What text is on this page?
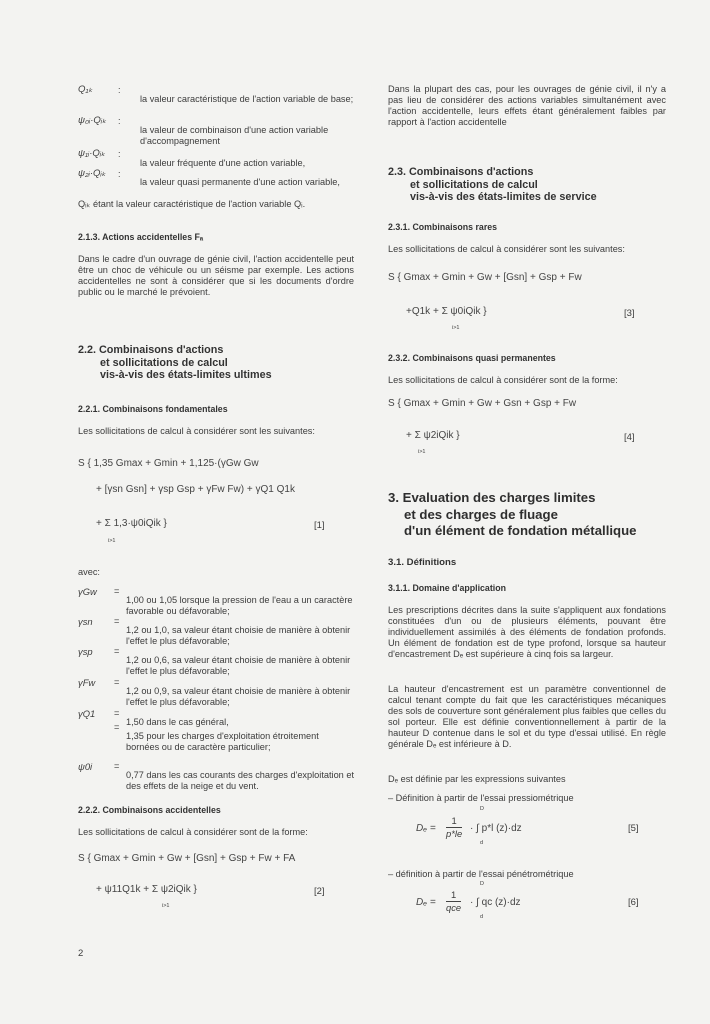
Q₁ₖ	:

la valeur caractéristique de l'action variable de base;

ψ₀ᵢ·Qᵢₖ :

la valeur de combinaison d'une action variable d'accompagnement

ψ₁ᵢ·Qᵢₖ :

la valeur fréquente d'une action variable,

ψ₂ᵢ·Qᵢₖ :

la valeur quasi permanente d'une action variable,

Qᵢₖ étant la valeur caractéristique de l'action variable Qᵢ.

2.1.3. Actions accidentelles Fₐ

Dans le cadre d'un ouvrage de génie civil, l'action accidentelle peut être un choc de véhicule ou un séisme par exemple. Les actions accidentelles ne sont à considérer que si les documents d'ordre public ou le marché le prévoient.

2.2. Combinaisons d'actions
et sollicitations de calcul
vis-à-vis des états-limites ultimes
2.2.1. Combinaisons fondamentales

Les sollicitations de calcul à considérer sont les suivantes:

S { 1,35 Gmax + Gmin + 1,125·(γGw Gw
+ [γsn Gsn] + γsp Gsp + γFw Fw) + γQ1 Q1k
+ Σ 1,3·ψ0iQik }
i>1
[1]

avec:

γGw =

1,00 ou 1,05 lorsque la pression de l'eau a un caractère favorable ou défavorable;

γsn =

1,2 ou 1,0, sa valeur étant choisie de manière à obtenir l'effet le plus défavorable;

γsp =

1,2 ou 0,6, sa valeur étant choisie de manière à obtenir l'effet le plus défavorable;

γFw =

1,2 ou 0,9, sa valeur étant choisie de manière à obtenir l'effet le plus défavorable;

γQ1 =

1,50 dans le cas général,

=

1,35 pour les charges d'exploitation étroitement bornées ou de caractère particulier;

ψ0i =

0,77 dans les cas courants des charges d'exploitation et des effets de la neige et du vent.

2.2.2. Combinaisons accidentelles

Les sollicitations de calcul à considérer sont de la forme:

S { Gmax + Gmin + Gw + [Gsn] + Gsp + Fw + FA
+ ψ11Q1k + Σ ψ2iQik }
i>1
[2]
2

Dans la plupart des cas, pour les ouvrages de génie civil, il n'y a pas lieu de considérer des actions variables simultanément avec l'action accidentelle, leurs effets étant généralement faibles par rapport à l'action accidentelle

2.3. Combinaisons d'actions
et sollicitations de calcul
vis-à-vis des états-limites de service
2.3.1. Combinaisons rares

Les sollicitations de calcul à considérer sont les suivantes:

S { Gmax + Gmin + Gw + [Gsn] + Gsp + Fw
+Q1k + Σ ψ0iQik }
i>1
[3]
2.3.2. Combinaisons quasi permanentes

Les sollicitations de calcul à considérer sont de la forme:

S { Gmax + Gmin + Gw + Gsn + Gsp + Fw
+ Σ ψ2iQik }
i>1
[4]
3. Evaluation des charges limites
et des charges de fluage
d'un élément de fondation métallique
3.1. Définitions
3.1.1. Domaine d'application

Les prescriptions décrites dans la suite s'appliquent aux fondations constituées d'un ou de plusieurs éléments, pouvant être individuellement assimilés à des éléments de fondation profonds. Un élément de fondation est de type profond, lorsque sa hauteur d'encastrement Dₑ est supérieure à cinq fois sa largeur.

La hauteur d'encastrement est un paramètre conventionnel de calcul tenant compte du fait que les caractéristiques mécaniques des sols de couverture sont généralement plus faibles que celles du sol porteur. Elle est définie conventionnellement à partir de la hauteur D contenue dans le sol et du type d'essai utilisé. En règle générale Dₑ est inférieure à D.

Dₑ est définie par les expressions suivantes

– Définition à partir de l'essai pressiométrique

Dₑ =
1
p*le
D
· ∫ p*l (z)·dz
d
[5]

– définition à partir de l'essai pénétrométrique

Dₑ =
1
qce
D
· ∫ qc (z)·dz
d
[6]
